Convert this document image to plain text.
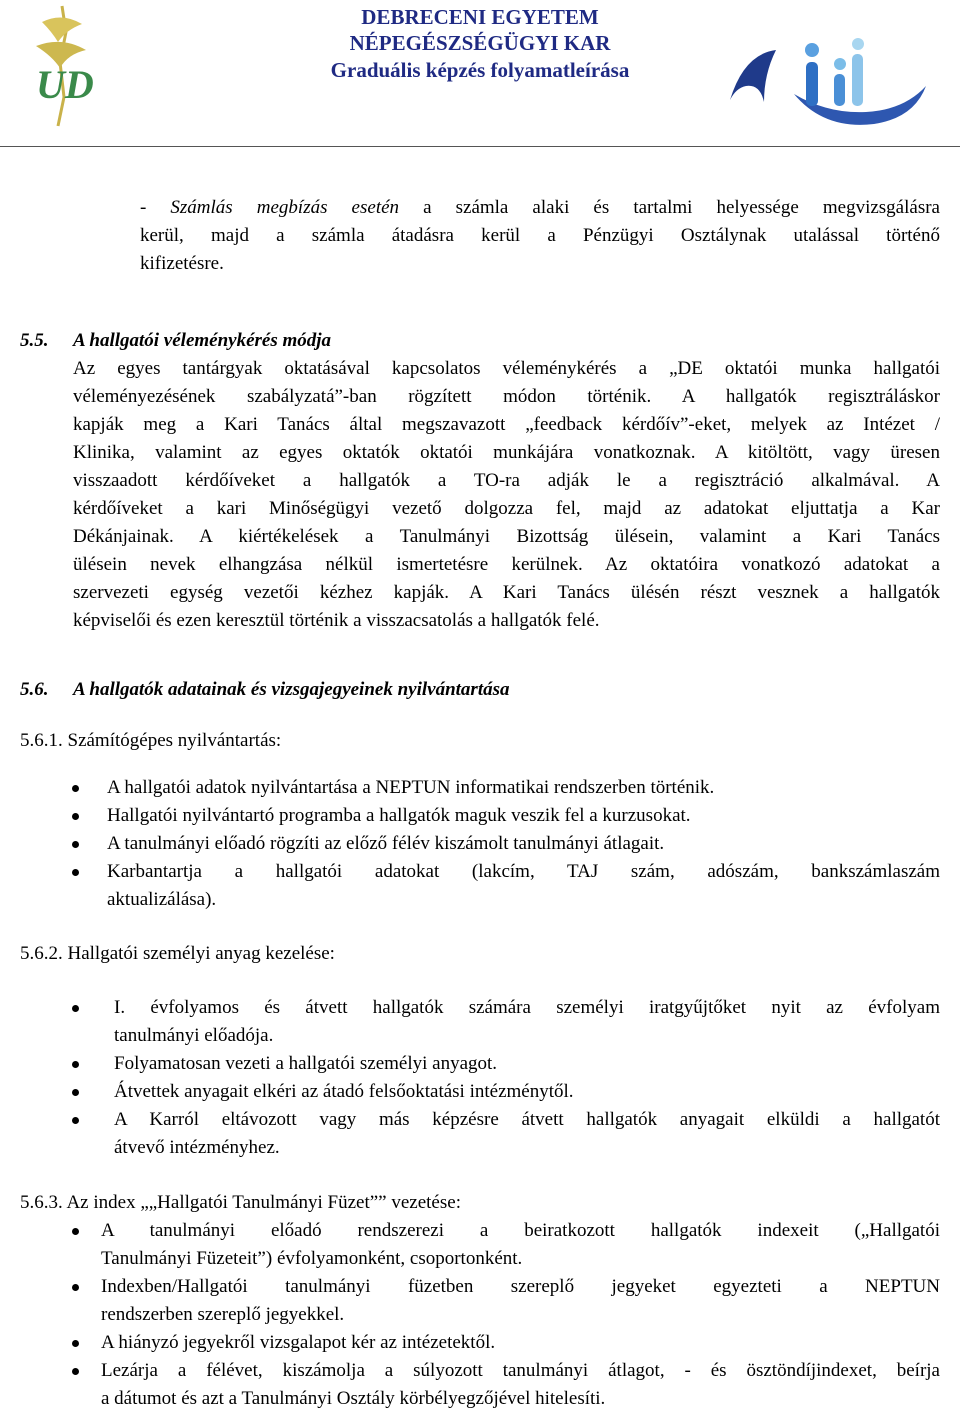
UD
DEBRECENI EGYETEM
NÉPEGÉSZSÉGÜGYI KAR
Graduális képzés folyamatleírása
- Számlás megbízás esetén a számla alaki és tartalmi helyessége megvizsgálásra
kerül, majd a számla átadásra kerül a Pénzügyi Osztálynak utalással történő
kifizetésre.
5.5. A hallgatói véleménykérés módja
Az egyes tantárgyak oktatásával kapcsolatos véleménykérés a „DE oktatói munka hallgatói
véleményezésének szabályzatá”-ban rögzített módon történik. A hallgatók regisztráláskor
kapják meg a Kari Tanács által megszavazott „feedback kérdőív”-eket, melyek az Intézet /
Klinika, valamint az egyes oktatók oktatói munkájára vonatkoznak. A kitöltött, vagy üresen
visszaadott kérdőíveket a hallgatók a TO-ra adják le a regisztráció alkalmával. A
kérdőíveket a kari Minőségügyi vezető dolgozza fel, majd az adatokat eljuttatja a Kar
Dékánjainak. A kiértékelések a Tanulmányi Bizottság ülésein, valamint a Kari Tanács
ülésein nevek elhangzása nélkül ismertetésre kerülnek. Az oktatóira vonatkozó adatokat a
szervezeti egység vezetői kézhez kapják. A Kari Tanács ülésén részt vesznek a hallgatók
képviselői és ezen keresztül történik a visszacsatolás a hallgatók felé.
5.6. A hallgatók adatainak és vizsgajegyeinek nyilvántartása
5.6.1. Számítógépes nyilvántartás:
A hallgatói adatok nyilvántartása a NEPTUN informatikai rendszerben történik.
Hallgatói nyilvántartó programba a hallgatók maguk veszik fel a kurzusokat.
A tanulmányi előadó rögzíti az előző félév kiszámolt tanulmányi átlagait.
Karbantartja a hallgatói adatokat (lakcím, TAJ szám, adószám, bankszámlaszám
aktualizálása).
5.6.2. Hallgatói személyi anyag kezelése:
I. évfolyamos és átvett hallgatók számára személyi iratgyűjtőket nyit az évfolyam
tanulmányi előadója.
Folyamatosan vezeti a hallgatói személyi anyagot.
Átvettek anyagait elkéri az átadó felsőoktatási intézménytől.
A Karról eltávozott vagy más képzésre átvett hallgatók anyagait elküldi a hallgatót
átvevő intézményhez.
5.6.3. Az index „„Hallgatói Tanulmányi Füzet”” vezetése:
A tanulmányi előadó rendszerezi a beiratkozott hallgatók indexeit („Hallgatói
Tanulmányi Füzeteit”) évfolyamonként, csoportonként.
Indexben/Hallgatói tanulmányi füzetben szereplő jegyeket egyezteti a NEPTUN
rendszerben szereplő jegyekkel.
A hiányzó jegyekről vizsgalapot kér az intézetektől.
Lezárja a félévet, kiszámolja a súlyozott tanulmányi átlagot, - és ösztöndíjindexet, beírja
a dátumot és azt a Tanulmányi Osztály körbélyegzőjével hitelesíti.
